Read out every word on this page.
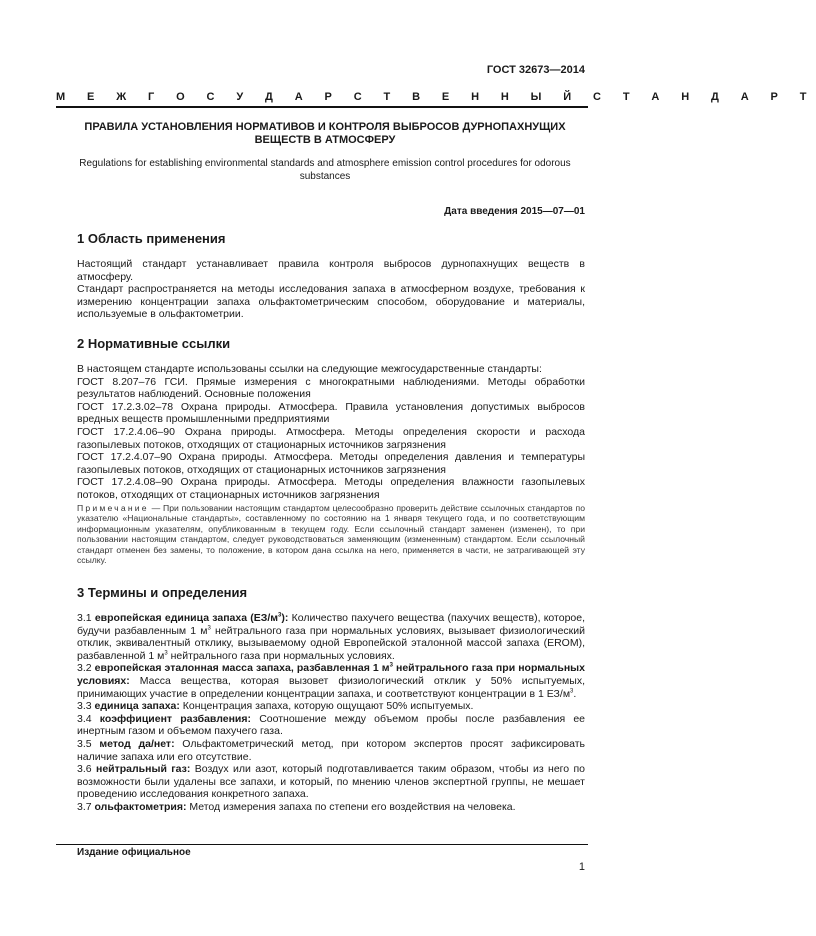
ГОСТ 32673—2014
М Е Ж Г О С У Д А Р С Т В Е Н Н Ы Й С Т А Н Д А Р Т
ПРАВИЛА УСТАНОВЛЕНИЯ НОРМАТИВОВ И КОНТРОЛЯ ВЫБРОСОВ ДУРНОПАХНУЩИХ ВЕЩЕСТВ В АТМОСФЕРУ
Regulations for establishing environmental standards and atmosphere emission control procedures for odorous substances
Дата введения 2015—07—01
1 Область применения

Настоящий стандарт устанавливает правила контроля выбросов дурнопахнущих веществ в атмосферу.

Стандарт распространяется на методы исследования запаха в атмосферном воздухе, требования к измерению концентрации запаха ольфактометрическим способом, оборудование и материалы, используемые в ольфактометрии.

2 Нормативные ссылки

В настоящем стандарте использованы ссылки на следующие межгосударственные стандарты:

ГОСТ 8.207–76 ГСИ. Прямые измерения с многократными наблюдениями. Методы обработки результатов наблюдений. Основные положения

ГОСТ 17.2.3.02–78 Охрана природы. Атмосфера. Правила установления допустимых выбросов вредных веществ промышленными предприятиями

ГОСТ 17.2.4.06–90 Охрана природы. Атмосфера. Методы определения скорости и расхода газопылевых потоков, отходящих от стационарных источников загрязнения

ГОСТ 17.2.4.07–90 Охрана природы. Атмосфера. Методы определения давления и температуры газопылевых потоков, отходящих от стационарных источников загрязнения

ГОСТ 17.2.4.08–90 Охрана природы. Атмосфера. Методы определения влажности газопылевых потоков, отходящих от стационарных источников загрязнения

Примечание — При пользовании настоящим стандартом целесообразно проверить действие ссылочных стандартов по указателю «Национальные стандарты», составленному по состоянию на 1 января текущего года, и по соответствующим информационным указателям, опубликованным в текущем году. Если ссылочный стандарт заменен (изменен), то при пользовании настоящим стандартом, следует руководствоваться заменяющим (измененным) стандартом. Если ссылочный стандарт отменен без замены, то положение, в котором дана ссылка на него, применяется в части, не затрагивающей эту ссылку.
3 Термины и определения

3.1 европейская единица запаха $(ЕЗ/м^3)$: Количество пахучего вещества (пахучих веществ), которое, будучи разбавленным 1 $м^3$ нейтрального газа при нормальных условиях, вызывает физиологический отклик, эквивалентный отклику, вызываемому одной Европейской эталонной массой запаха (EROM), разбавленной 1 $м^3$ нейтрального газа при нормальных условиях.

3.2 европейская эталонная масса запаха, разбавленная 1 $м^3$ нейтрального газа при нормальных условиях: Масса вещества, которая вызовет физиологический отклик у 50% испытуемых, принимающих участие в определении концентрации запаха, и соответствуют концентрации в 1 $ЕЗ/м^3$.

3.3 единица запаха: Концентрация запаха, которую ощущают 50% испытуемых.

3.4 коэффициент разбавления: Соотношение между объемом пробы после разбавления ее инертным газом и объемом пахучего газа.

3.5 метод да/нет: Ольфактометрический метод, при котором экспертов просят зафиксировать наличие запаха или его отсутствие.

3.6 нейтральный газ: Воздух или азот, который подготавливается таким образом, чтобы из него по возможности были удалены все запахи, и который, по мнению членов экспертной группы, не мешает проведению исследования конкретного запаха.

3.7 ольфактометрия: Метод измерения запаха по степени его воздействия на человека.

Издание официальное
1
